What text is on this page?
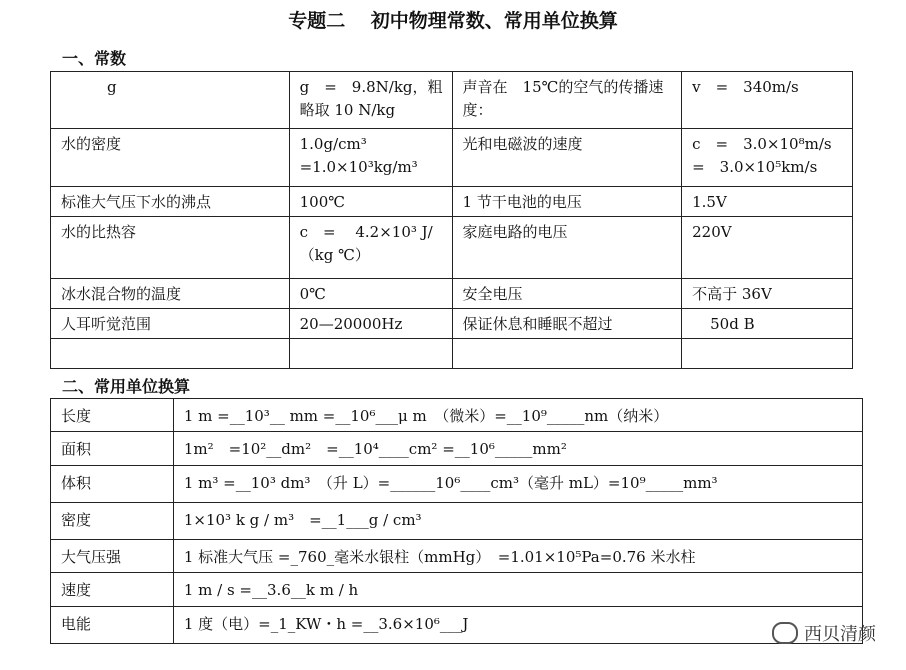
专题二　 初中物理常数、常用单位换算
一、常数
g	g　=　9.8N/kg，粗略取 10 N/kg	声音在　15℃的空气的传播速度：	v　=　340m/s
水的密度	1.0g/cm³　=1.0×10³kg/m³	光和电磁波的速度	c　=　3.0×10⁸m/s　=　3.0×10⁵km/s
标准大气压下水的沸点	100℃	1 节干电池的电压	1.5V
水的比热容	c　=　 4.2×10³ J/（kg ℃）	家庭电路的电压	220V
冰水混合物的温度	0℃	安全电压	不高于 36V
人耳听觉范围	20—20000Hz	保证休息和睡眠不超过	50d B

二、常用单位换算
长度	1 m =__10³__ mm =__10⁶___μ m　（微米）=__10⁹_____nm（纳米）
面积	1m²　=10²__dm²　=__10⁴____cm² =__10⁶_____mm²
体积	1 m³ =__10³ dm³　（升 L）=______10⁶____cm³（毫升 mL）=10⁹_____mm³
密度	1×10³ k g / m³　=__1___g / cm³
大气压强	1 标准大气压 =_760_毫米水银柱（mmHg）　=1.01×10⁵Pa=0.76 米水柱
速度	1 m / s =__3.6__k m / h
电能	1 度（电）=_1_KW・h =__3.6×10⁶___J	西贝清颜
